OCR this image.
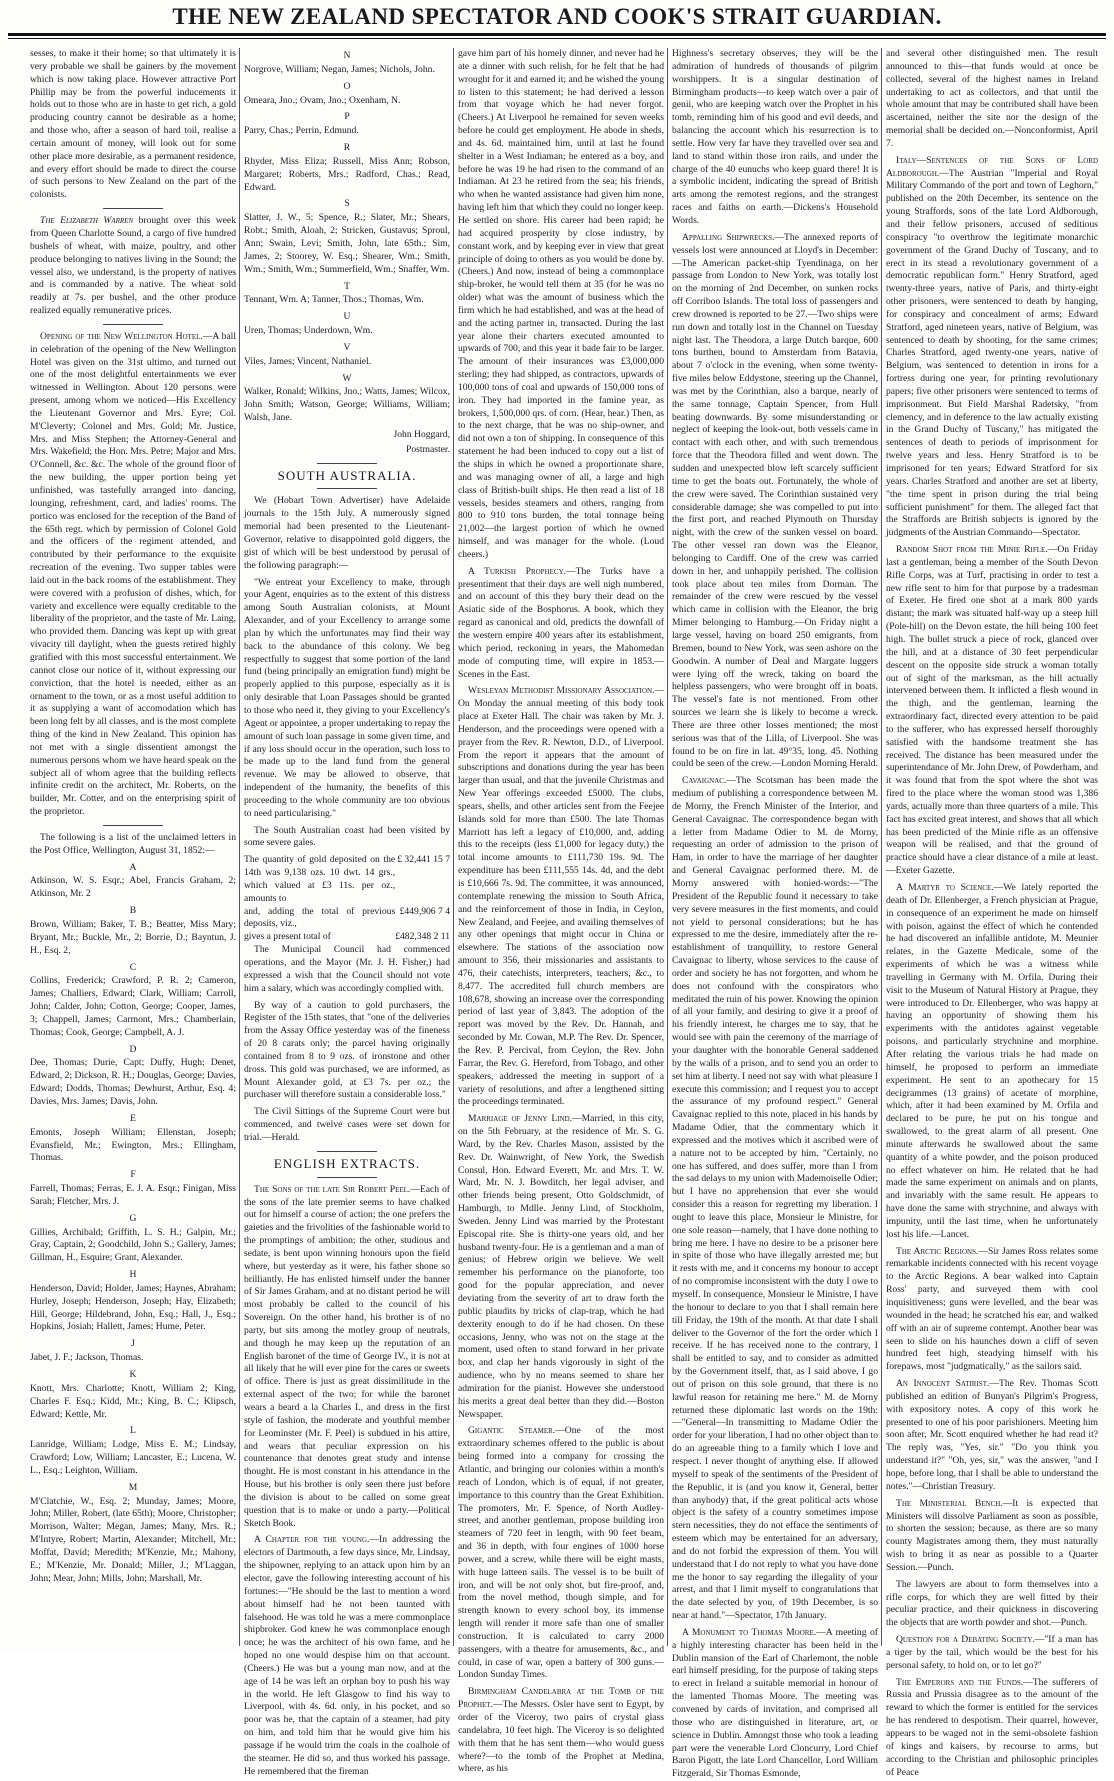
THE NEW ZEALAND SPECTATOR AND COOK'S STRAIT GUARDIAN.

sesses, to make it their home; so that ultimately it is very probable we shall be gainers by the movement which is now taking place. However attractive Port Phillip may be from the powerful inducements it holds out to those who are in haste to get rich, a gold producing country cannot be desirable as a home; and those who, after a season of hard toil, realise a certain amount of money, will look out for some other place more desirable, as a permanent residence, and every effort should be made to direct the course of such persons to New Zealand on the part of the colonists.

The Elizabeth Warren brought over this week from Queen Charlotte Sound, a cargo of five hundred bushels of wheat, with maize, poultry, and other produce belonging to natives living in the Sound; the vessel also, we understand, is the property of natives and is commanded by a native. The wheat sold readily at 7s. per bushel, and the other produce realized equally remunerative prices.

Opening of the New Wellington Hotel.—A ball in celebration of the opening of the New Wellington Hotel was given on the 31st ultimo, and turned out one of the most delightful entertainments we ever witnessed in Wellington. About 120 persons were present, among whom we noticed—His Excellency the Lieutenant Governor and Mrs. Eyre; Col. M'Cleverty; Colonel and Mrs. Gold; Mr. Justice, Mrs. and Miss Stephen; the Attorney-General and Mrs. Wakefield; the Hon. Mrs. Petre; Major and Mrs. O'Connell, &c. &c. The whole of the ground floor of the new building, the upper portion being yet unfinished, was tastefully arranged into dancing, lounging, refreshment, card, and ladies' rooms. The portico was enclosed for the reception of the Band of the 65th regt. which by permission of Colonel Gold and the officers of the regiment attended, and contributed by their performance to the exquisite recreation of the evening. Two supper tables were laid out in the back rooms of the establishment. They were covered with a profusion of dishes, which, for variety and excellence were equally creditable to the liberality of the proprietor, and the taste of Mr. Laing, who provided them. Dancing was kept up with great vivacity till daylight, when the guests retired highly gratified with this most successful entertainment. We cannot close our notice of it, without expressing our conviction, that the hotel is needed, either as an ornament to the town, or as a most useful addition to it as supplying a want of accomodation which has been long felt by all classes, and is the most complete thing of the kind in New Zealand. This opinion has not met with a single dissentient amongst the numerous persons whom we have heard speak on the subject all of whom agree that the building reflects infinite credit on the architect, Mr. Roberts, on the builder, Mr. Cotter, and on the enterprising spirit of the proprietor.

The following is a list of the unclaimed letters in the Post Office, Wellington, August 31, 1852:—

A

Atkinson, W. S. Esqr.; Abel, Francis Graham, 2; Atkinson, Mr. 2

B

Brown, William; Baker, T. B.; Beatter, Miss Mary; Bryant, Mr.; Buckle, Mr., 2; Borrie, D.; Bayntun, J. H., Esq. 2,

C

Collins, Frederick; Crawford, P. R. 2; Cameron, James; Challiers, Edward; Clark, William; Carroll, John; Calder, John; Cotton, George; Cooper, James, 3; Chappell, James; Carmont, Mrs.; Chamberlain, Thomas; Cook, George; Campbell, A. J.

D

Dee, Thomas; Durie, Capt; Duffy, Hugh; Denet, Edward, 2; Dickson, R. H.; Douglas, George; Davies, Edward; Dodds, Thomas; Dewhurst, Arthur, Esq. 4; Davies, Mrs. James; Davis, John.

E

Emonts, Joseph William; Ellenstan, Joseph; Evansfield, Mr.; Ewington, Mrs.; Ellingham, Thomas.

F

Farrell, Thomas; Ferras, E. J. A. Esqr.; Finigan, Miss Sarah; Fletcher, Mrs. J.

G

Gillies, Archibald; Griffith, L. S. H.; Galpin, Mr.; Gray, Captain, 2; Goodchild, John S.; Gallery, James; Gillman, H., Esquire; Grant, Alexander.

H

Henderson, David; Holder, James; Haynes, Abraham; Hurley, Joseph; Henderson, Joseph; Hay, Elizabeth; Hill, George; Hildebrand, John, Esq.; Hall, J., Esq.; Hopkins, Josiah; Hallett, James; Hume, Peter.

J

Jabet, J. F.; Jackson, Thomas.

K

Knott, Mrs. Charlotte; Knott, William 2; King, Charles F. Esq.; Kidd, Mr.; King, B. C.; Klipsch, Edward; Kettle, Mr.

L

Lanridge, William; Lodge, Miss E. M.; Lindsay, Crawford; Low, William; Lancaster, E.; Lucena, W. L., Esq.; Leighton, William.

M

M'Clatchie, W., Esq. 2; Munday, James; Moore, John; Miller, Robert, (late 65th); Moore, Christopher; Morrison, Walter; Megan, James; Many, Mrs. R.; M'Intyre, Robert; Martin, Alexander; Mitchell, Mr.; Moffat, David; Meredith; M'Kenzie, Mr.; Mahony, E.; M'Kenzie, Mr. Donald; Miller, J.; M'Laggan, John; Mear, John; Mills, John; Marshall, Mr.

N

Norgrove, William; Negan, James; Nichols, John.

O

Omeara, Jno.; Ovam, Jno.; Oxenham, N.

P

Parry, Chas.; Perrin, Edmund.

R

Rhyder, Miss Eliza; Russell, Miss Ann; Robson, Margaret; Roberts, Mrs.; Radford, Chas.; Read, Edward.

S

Slatter, J. W., 5; Spence, R.; Slater, Mr.; Shears, Robt.; Smith, Aloah, 2; Stricken, Gustavus; Sproul, Ann; Swain, Levi; Smith, John, late 65th.; Sim, James, 2; Stoorey, W. Esq.; Shearer, Wm.; Smith, Wm.; Smith, Wm.; Summerfield, Wm.; Snaffer, Wm.

T

Tennant, Wm. A; Tanner, Thos.; Thomas, Wm.

U

Uren, Thomas; Underdown, Wm.

V

Viles, James; Vincent, Nathaniel.

W

Walker, Ronald; Wilkins, Jno.; Watts, James; Wilcox, John Smith; Watson, George; Williams, William; Walsh, Jane.

John Hoggard,

Postmaster.

SOUTH AUSTRALIA.

We (Hobart Town Advertiser) have Adelaide journals to the 15th July. A numerously signed memorial had been presented to the Lieutenant-Governor, relative to disappointed gold diggers, the gist of which will be best understood by perusal of the following paragraph:—

"We entreat your Excellency to make, through your Agent, enquiries as to the extent of this distress among South Australian colonists, at Mount Alexander, and of your Excellency to arrange some plan by which the unfortunates may find their way back to the abundance of this colony. We beg respectfully to suggest that some portion of the land fund (being principally an emigration fund) might be properly applied to this purpose, especially as it is only desirable that Loan Passages should be granted to those who need it, they giving to your Excellency's Agent or appointee, a proper undertaking to repay the amount of such loan passage in some given time, and if any loss should occur in the operation, such loss to be made up to the land fund from the general revenue. We may be allowed to observe, that independent of the humanity, the benefits of this proceeding to the whole community are too obvious to need particularising."

The South Australian coast had been visited by some severe gales.

The quantity of gold deposited on the 14th was 9,138 ozs. 10 dwt. 14 grs., which valued at £3 11s. per oz., amounts to	£ 32,441 15 7
and, adding the total of previous deposits, viz.,	£449,906 7 4
gives a present total of	£482,348 2 11

The Municipal Council had commenced operations, and the Mayor (Mr. J. H. Fisher,) had expressed a wish that the Council should not vote him a salary, which was accordingly complied with.

By way of a caution to gold purchasers, the Register of the 15th states, that "one of the deliveries from the Assay Office yesterday was of the fineness of 20 8 carats only; the parcel having originally contained from 8 to 9 ozs. of ironstone and other dross. This gold was purchased, we are informed, as Mount Alexander gold, at £3 7s. per oz.; the purchaser will therefore sustain a considerable loss."

The Civil Sittings of the Supreme Court were but commenced, and twelve cases were set down for trial.—Herald.

ENGLISH EXTRACTS.

The Sons of the late Sir Robert Peel.—Each of the sons of the late premier seems to have chalked out for himself a course of action; the one prefers the gaieties and the frivolities of the fashionable world to the promptings of ambition; the other, studious and sedate, is bent upon winning honours upon the field where, but yesterday as it were, his father shone so brilliantly. He has enlisted himself under the banner of Sir James Graham, and at no distant period he will most probably be called to the council of his Sovereign. On the other hand, his brother is of no party, but sits among the motley group of neutrals, and though he may keep up the reputation of an English baronet of the time of George IV., it is not at all likely that he will ever pine for the cares or sweets of office. There is just as great dissimilitude in the external aspect of the two; for while the baronet wears a beard a la Charles I., and dress in the first style of fashion, the moderate and youthful member for Leominster (Mr. F. Peel) is subdued in his attire, and wears that peculiar expression on his countenance that denotes great study and intense thought. He is most constant in his attendance in the House, but his brother is only seen there just before the division is about to be called on some great question that is to make or undo a party.—Political Sketch Book.

A Chapter for the young.—In addressing the electors of Dartmouth, a few days since, Mr. Lindsay, the shipowner, replying to an attack upon him by an elector, gave the following interesting account of his fortunes:—"He should be the last to mention a word about himself had he not been taunted with falsehood. He was told he was a mere commonplace shipbroker. God knew he was commonplace enough once; he was the architect of his own fame, and he hoped no one would despise him on that account. (Cheers.) He was but a young man now, and at the age of 14 he was left an orphan boy to push his way in the world. He left Glasgow to find his way to Liverpool, with 4s. 6d. only, in his pocket, and so poor was he, that the captain of a steamer, had pity on him, and told him that he would give him his passage if he would trim the coals in the coalhole of the steamer. He did so, and thus worked his passage. He remembered that the fireman

gave him part of his homely dinner, and never had he ate a dinner with such relish, for he felt that he had wrought for it and earned it; and he wished the young to listen to this statement; he had derived a lesson from that voyage which he had never forgot. (Cheers.) At Liverpool he remained for seven weeks before he could get employment. He abode in sheds, and 4s. 6d. maintained him, until at last he found shelter in a West Indiaman; he entered as a boy, and before he was 19 he had risen to the command of an Indiaman. At 23 he retired from the sea; his friends, who when he wanted assistance had given him none, having left him that which they could no longer keep. He settled on shore. His career had been rapid; he had acquired prosperity by close industry, by constant work, and by keeping ever in view that great principle of doing to others as you would be done by. (Cheers.) And now, instead of being a commonplace ship-broker, he would tell them at 35 (for he was no older) what was the amount of business which the firm which he had established, and was at the head of and the acting partner in, transacted. During the last year alone their charters executed amounted to upwards of 700, and this year it bade fair to be larger. The amount of their insurances was £3,000,000 sterling; they had shipped, as contractors, upwards of 100,000 tons of coal and upwards of 150,000 tons of iron. They had imported in the famine year, as brokers, 1,500,000 qrs. of corn. (Hear, hear.) Then, as to the next charge, that he was no ship-owner, and did not own a ton of shipping. In consequence of this statement he had been induced to copy out a list of the ships in which he owned a proportionate share, and was managing owner of all, a large and high class of British-built ships. He then read a list of 18 vessels, besides steamers and others, ranging from 800 to 910 tons burden, the total tonnage being 21,002—the largest portion of which he owned himself, and was manager for the whole. (Loud cheers.)

A Turkish Prophecy.—The Turks have a presentiment that their days are well nigh numbered, and on account of this they bury their dead on the Asiatic side of the Bosphorus. A book, which they regard as canonical and old, predicts the downfall of the western empire 400 years after its establishment, which period, reckoning in years, the Mahomedan mode of computing time, will expire in 1853.—Scenes in the East.

Wesleyan Methodist Missionary Association.—On Monday the annual meeting of this body took place at Exeter Hall. The chair was taken by Mr. J. Henderson, and the proceedings were opened with a prayer from the Rev. R. Newton, D.D., of Liverpool. From the report it appears that the amount of subscriptions and donations during the year has been larger than usual, and that the juvenile Christmas and New Year offerings exceeded £5000. The clubs, spears, shells, and other articles sent from the Feejee Islands sold for more than £500. The late Thomas Marriott has left a legacy of £10,000, and, adding this to the receipts (less £1,000 for legacy duty,) the total income amounts to £111,730 19s. 9d. The expenditure has been £111,555 14s. 4d, and the debt is £10,666 7s. 9d. The committee, it was announced, contemplate renewing the mission to South Africa, and the reinforcement of those in India, in Ceylon, New Zealand, and Feejee, and availing themselves of any other openings that might occur in China or elsewhere. The stations of the association now amount to 356, their missionaries and assistants to 476, their catechists, interpreters, teachers, &c., to 8,477. The accredited full church members are 108,678, showing an increase over the corresponding period of last year of 3,843. The adoption of the report was moved by the Rev. Dr. Hannah, and seconded by Mr. Cowan, M.P. The Rev. Dr. Spencer, the Rev. P. Percival, from Ceylon, the Rev. John Farrar, the Rev. G. Hereford, from Tobago, and other speakers, addressed the meeting in support of a variety of resolutions, and after a lengthened sitting the proceedings terminated.

Marriage of Jenny Lind.—Married, in this city, on the 5th February, at the residence of Mr. S. G. Ward, by the Rev. Charles Mason, assisted by the Rev. Dr. Wainwright, of New York, the Swedish Consul, Hon. Edward Everett, Mr. and Mrs. T. W. Ward, Mr. N. J. Bowditch, her legal adviser, and other friends being present, Otto Goldschmidt, of Hamburgh, to Mdlle. Jenny Lind, of Stockholm, Sweden. Jenny Lind was married by the Protestant Episcopal rite. She is thirty-one years old, and her husband twenty-four. He is a gentleman and a man of genius; of Hebrew origin we believe. We well remember his performance on the pianoforte, too good for the popular appreciation, and never deviating from the severity of art to draw forth the public plaudits by tricks of clap-trap, which he had dexterity enough to do if he had chosen. On these occasions, Jenny, who was not on the stage at the moment, used often to stand forward in her private box, and clap her hands vigorously in sight of the audience, who by no means seemed to share her admiration for the pianist. However she understood his merits a great deal better than they did.—Boston Newspaper.

Gigantic Steamer.—One of the most extraordinary schemes offered to the public is about being formed into a company for crossing the Atlantic, and bringing our colonies within a month's reach of London, which is of equal, if not greater, importance to this country than the Great Exhibition. The promoters, Mr. F. Spence, of North Audley-street, and another gentleman, propose building iron steamers of 720 feet in length, with 90 feet beam, and 36 in depth, with four engines of 1000 horse power, and a screw, while there will be eight masts, with huge latteen sails. The vessel is to be built of iron, and will be not only shot, but fire-proof, and, from the novel method, though simple, and for strength known to every school boy, its immense length will render it more safe than one of smaller construction. It is calculated to carry 2000 passengers, with a theatre for amusements, &c., and could, in case of war, open a battery of 300 guns.—London Sunday Times.

Birmingham Candelabra at the Tomb of the Prophet.—The Messrs. Osler have sent to Egypt, by order of the Viceroy, two pairs of crystal glass candelabra, 10 feet high. The Viceroy is so delighted with them that he has sent them—who would guess where?—to the tomb of the Prophet at Medina, where, as his

Highness's secretary observes, they will be the admiration of hundreds of thousands of pilgrim worshippers. It is a singular destination of Birmingham products—to keep watch over a pair of genii, who are keeping watch over the Prophet in his tomb, reminding him of his good and evil deeds, and balancing the account which his resurrection is to settle. How very far have they travelled over sea and land to stand within those iron rails, and under the charge of the 40 eunuchs who keep guard there! It is a symbolic incident, indicating the spread of British arts among the remotest regions, and the strangest races and faiths on earth.—Dickens's Household Words.

Appalling Shipwrecks.—The annexed reports of vessels lost were announced at Lloyd's in December:—The American packet-ship Tyendinaga, on her passage from London to New York, was totally lost on the morning of 2nd December, on sunken rocks off Corriboo Islands. The total loss of passengers and crew drowned is reported to be 27.—Two ships were run down and totally lost in the Channel on Tuesday night last. The Theodora, a large Dutch barque, 600 tons burthen, bound to Amsterdam from Batavia, about 7 o'clock in the evening, when some twenty-five miles below Eddystone, steering up the Channel, was met by the Corinthian, also a barque, nearly of the same tonnage, Captain Spencer, from Hull beating downwards. By some misunderstanding or neglect of keeping the look-out, both vessels came in contact with each other, and with such tremendous force that the Theodora filled and went down. The sudden and unexpected blow left scarcely sufficient time to get the boats out. Fortunately, the whole of the crew were saved. The Corinthian sustained very considerable damage; she was compelled to put into the first port, and reached Plymouth on Thursday night, with the crew of the sunken vessel on board. The other vessel ran down was the Eleanor, belonging to Cardiff. One of the crew was carried down in her, and unhappily perished. The collision took place about ten miles from Dorman. The remainder of the crew were rescued by the vessel which came in collision with the Eleanor, the brig Mimer belonging to Hamburg.—On Friday night a large vessel, having on board 250 emigrants, from Bremen, bound to New York, was seen ashore on the Goodwin. A number of Deal and Margate luggers were lying off the wreck, taking on board the helpless passengers, who were brought off in boats. The vessel's fate is not mentioned. From other sources we learn she is likely to become a wreck. There are three other losses mentioned; the most serious was that of the Lilla, of Liverpool. She was found to be on fire in lat. 49°35, long. 45. Nothing could be seen of the crew.—London Morning Herald.

Cavaignac.—The Scotsman has been made the medium of publishing a correspondence between M. de Morny, the French Minister of the Interior, and General Cavaignac. The correspondence began with a letter from Madame Odier to M. de Morny, requesting an order of admission to the prison of Ham, in order to have the marriage of her daughter and General Cavaignac performed there. M. de Morny answered with honied-words:—"The President of the Republic found it necessary to take very severe measures in the first moments, and could not yield to personal considerations; but he has expressed to me the desire, immediately after the re-establishment of tranquillity, to restore General Cavaignac to liberty, whose services to the cause of order and society he has not forgotten, and whom he does not confound with the conspirators who meditated the ruin of his power. Knowing the opinion of all your family, and desiring to give it a proof of his friendly interest, he charges me to say, that he would see with pain the ceremony of the marriage of your daughter with the honorable General saddened by the walls of a prison, and to send you an order to set him at liberty. I need not say with what pleasure I execute this commission; and I request you to accept the assurance of my profound respect." General Cavaignac replied to this note, placed in his hands by Madame Odier, that the commentary which it expressed and the motives which it ascribed were of a nature not to be accepted by him. "Certainly, no one has suffered, and does suffer, more than I from the sad delays to my union with Mademoiselle Odier; but I have no apprehension that ever she would consider this a reason for regretting my liberation. I ought to leave this place, Monsieur le Ministre, for one sole reason—namely, that I have done nothing to bring me here. I have no desire to be a prisoner here in spite of those who have illegally arrested me; but it rests with me, and it concerns my honour to accept of no compromise inconsistent with the duty I owe to myself. In consequence, Monsieur le Ministre, I have the honour to declare to you that I shall remain here till Friday, the 19th of the month. At that date I shall deliver to the Governor of the fort the order which I receive. If he has received none to the contrary, I shall be entitled to say, and to consider as admitted by the Government itself, that, as I said above, I go out of prison on this sole ground, that there is no lawful reason for retaining me here." M. de Morny returned these diplomatic last words on the 19th:—"General—In transmitting to Madame Odier the order for your liberation, I had no other object than to do an agreeable thing to a family which I love and respect. I never thought of anything else. If allowed myself to speak of the sentiments of the President of the Republic, it is (and you know it, General, better than anybody) that, if the great political acts whose object is the safety of a country sometimes impose stern necessities, they do not efface the sentiments of esteem which may be entertained for an adversary, and do not forbid the expression of them. You will understand that I do not reply to what you have done me the honor to say regarding the illegality of your arrest, and that I limit myself to congratulations that the date selected by you, of 19th December, is so near at hand."—Spectator, 17th January.

A Monument to Thomas Moore.—A meeting of a highly interesting character has been held in the Dublin mansion of the Earl of Charlemont, the noble earl himself presiding, for the purpose of taking steps to erect in Ireland a suitable memorial in honour of the lamented Thomas Moore. The meeting was convened by cards of invitation, and comprised all those who are distinguished in literature, art, or science in Dublin. Amongst those who took a leading part were the venerable Lord Cloncurry, Lord Chief Baron Pigott, the late Lord Chancellor, Lord William Fitzgerald, Sir Thomas Esmonde,

and several other distinguished men. The result announced to this—that funds would at once be collected, several of the highest names in Ireland undertaking to act as collectors, and that until the whole amount that may be contributed shall have been ascertained, neither the site nor the design of the memorial shall be decided on.—Nonconformist, April 7.

Italy—Sentences of the Sons of Lord Aldborough.—The Austrian "Imperial and Royal Military Commando of the port and town of Leghorn," published on the 20th December, its sentence on the young Straffords, sons of the late Lord Aldborough, and their fellow prisoners, accused of seditious conspiracy "to overthrow the legitimate monarchic government of the Grand Duchy of Tuscany, and to erect in its stead a revolutionary government of a democratic republican form." Henry Stratford, aged twenty-three years, native of Paris, and thirty-eight other prisoners, were sentenced to death by hanging, for conspiracy and concealment of arms; Edward Stratford, aged nineteen years, native of Belgium, was sentenced to death by shooting, for the same crimes; Charles Stratford, aged twenty-one years, native of Belgium, was sentenced to detention in irons for a fortress during one year, for printing revolutionary papers; five other prisoners were sentenced to terms of imprisonment. But Field Marshal Radetsky, "from clemency, and in deference to the law actually existing in the Grand Duchy of Tuscany," has mitigated the sentences of death to periods of imprisonment for twelve years and less. Henry Stratford is to be imprisoned for ten years; Edward Stratford for six years. Charles Stratford and another are set at liberty, "the time spent in prison during the trial being sufficient punishment" for them. The alleged fact that the Straffords are British subjects is ignored by the judgments of the Austrian Commando—Spectator.

Random Shot from the Minie Rifle.—On Friday last a gentleman, being a member of the South Devon Rifle Corps, was at Turf, practising in order to test a new rifle sent to him for that purpose by a tradesman of Exeter. He fired one shot at a mark 800 yards distant; the mark was situated half-way up a steep hill (Pole-hill) on the Devon estate, the hill being 100 feet high. The bullet struck a piece of rock, glanced over the hill, and at a distance of 30 feet perpendicular descent on the opposite side struck a woman totally out of sight of the marksman, as the hill actually intervened between them. It inflicted a flesh wound in the thigh, and the gentleman, learning the extraordinary fact, directed every attention to be paid to the sufferer, who has expressed herself thoroughly satisfied with the handsome treatment she has received. The distance has been measured under the superintendance of Mr. John Drew, of Powderham, and it was found that from the spot where the shot was fired to the place where the woman stood was 1,386 yards, actually more than three quarters of a mile. This fact has excited great interest, and shows that all which has been predicted of the Minie rifle as an offensive weapon will be realised, and that the ground of practice should have a clear distance of a mile at least.—Exeter Gazette.

A Martyr to Science.—We lately reported the death of Dr. Ellenberger, a French physician at Prague, in consequence of an experiment he made on himself with poison, against the effect of which he contended he had discovered an infallible antidote, M. Meunier relates, in the Gazette Medicale, some of the experiments of which he was a witness while travelling in Germany with M. Orfila. During their visit to the Museum of Natural History at Prague, they were introduced to Dr. Ellenberger, who was happy at having an opportunity of showing them his experiments with the antidotes against vegetable poisons, and particularly strychnine and morphine. After relating the various trials he had made on himself, he proposed to perform an immediate experiment. He sent to an apothecary for 15 decigrammes (13 grains) of acetate of morphine, which, after it had been examined by M. Orfila and declared to be pure, he put on his tongue and swallowed, to the great alarm of all present. One minute afterwards he swallowed about the same quantity of a white powder, and the poison produced no effect whatever on him. He related that he had made the same experiment on animals and on plants, and invariably with the same result. He appears to have done the same with strychnine, and always with impunity, until the last time, when he unfortunately lost his life.—Lancet.

The Arctic Regions.—Sir James Ross relates some remarkable incidents connected with his recent voyage to the Arctic Regions. A bear walked into Captain Ross' party, and surveyed them with cool inquisitiveness; guns were levelled, and the bear was wounded in the head; he scratched his ear, and walked off with an air of supreme contempt. Another bear was seen to slide on his haunches down a cliff of seven hundred feet high, steadying himself with his forepaws, most "judgmatically," as the sailors said.

An Innocent Satirist.—The Rev. Thomas Scott published an edition of Bunyan's Pilgrim's Progress, with expository notes. A copy of this work he presented to one of his poor parishioners. Meeting him soon after, Mr. Scott enquired whether he had read it? The reply was, "Yes, sir." "Do you think you understand it?" "Oh, yes, sir," was the answer, "and I hope, before long, that I shall be able to understand the notes."—Christian Treasury.

The Ministerial Bench.—It is expected that Ministers will dissolve Parliament as soon as possible, to shorten the session; because, as there are so many county Magistrates among them, they must naturally wish to bring it as near as possible to a Quarter Session.—Punch.

The lawyers are about to form themselves into a rifle corps, for which they are well fitted by their peculiar practice, and their quickness in discovering the objects that are worth powder and shot.—Punch.

Question for a Debating Society.—"If a man has a tiger by the tail, which would be the best for his personal safety, to hold on, or to let go?"

The Emperors and the Funds.—The sufferers of Russia and Prussia disagree as to the amount of the reward to which the former is entitled for the services he has rendered to despotism. Their quarrel, however, appears to be waged not in the semi-obsolete fashion of kings and kaisers, by recourse to arms, but according to the Christian and philosophic principles of Peace
